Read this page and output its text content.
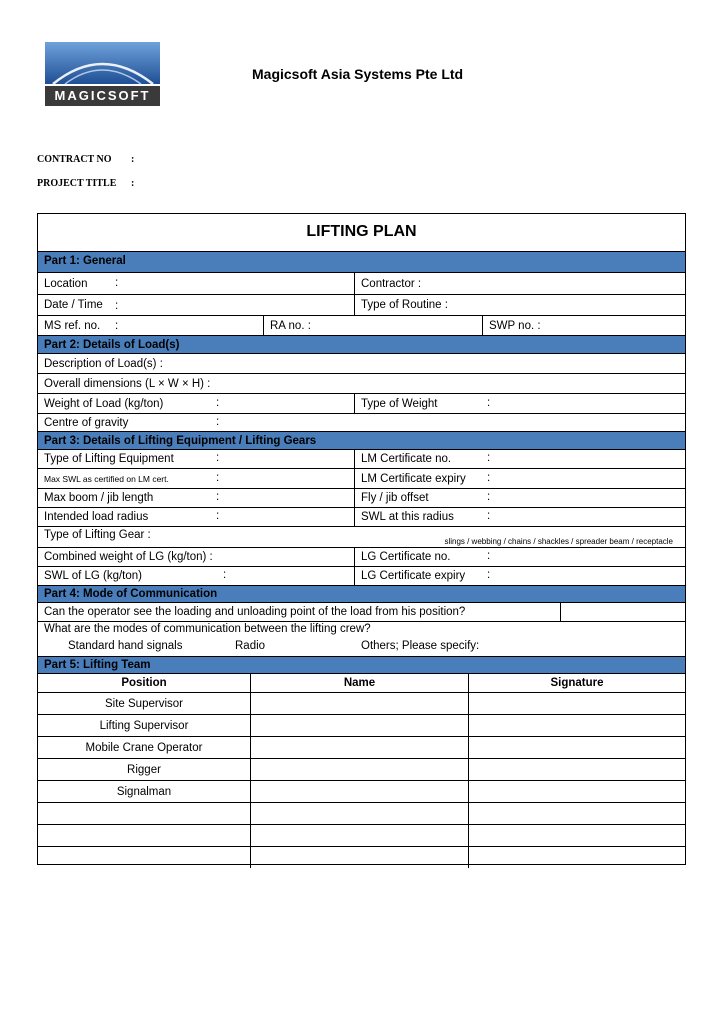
MAGICSOFT
Magicsoft Asia Systems Pte Ltd
CONTRACT NO :
PROJECT TITLE :
LIFTING PLAN
Part 1: General
Location	:	Contractor :
Date / Time	:	Type of Routine :
MS ref. no.	:	RA no. :	SWP no. :
Part 2: Details of Load(s)
Description of Load(s) :
Overall dimensions (L × W × H) :
Weight of Load (kg/ton)	:	Type of Weight	:
Centre of gravity	:
Part 3: Details of Lifting Equipment / Lifting Gears
Type of Lifting Equipment	:	LM Certificate no.	:
Max SWL as certified on LM cert.	:	LM Certificate expiry	:
Max boom / jib length	:	Fly / jib offset	:
Intended load radius	:	SWL at this radius	:
Type of Lifting Gear :
slings / webbing / chains / shackles / spreader beam / receptacle
Combined weight of LG (kg/ton) :	LG Certificate no.	:
SWL of LG (kg/ton)	:	LG Certificate expiry	:
Part 4: Mode of Communication
Can the operator see the loading and unloading point of the load from his position?
What are the modes of communication between the lifting crew?
Standard hand signals	Radio	Others; Please specify:
Part 5: Lifting Team
Position	Name	Signature
Site Supervisor
Lifting Supervisor
Mobile Crane Operator
Rigger
Signalman
